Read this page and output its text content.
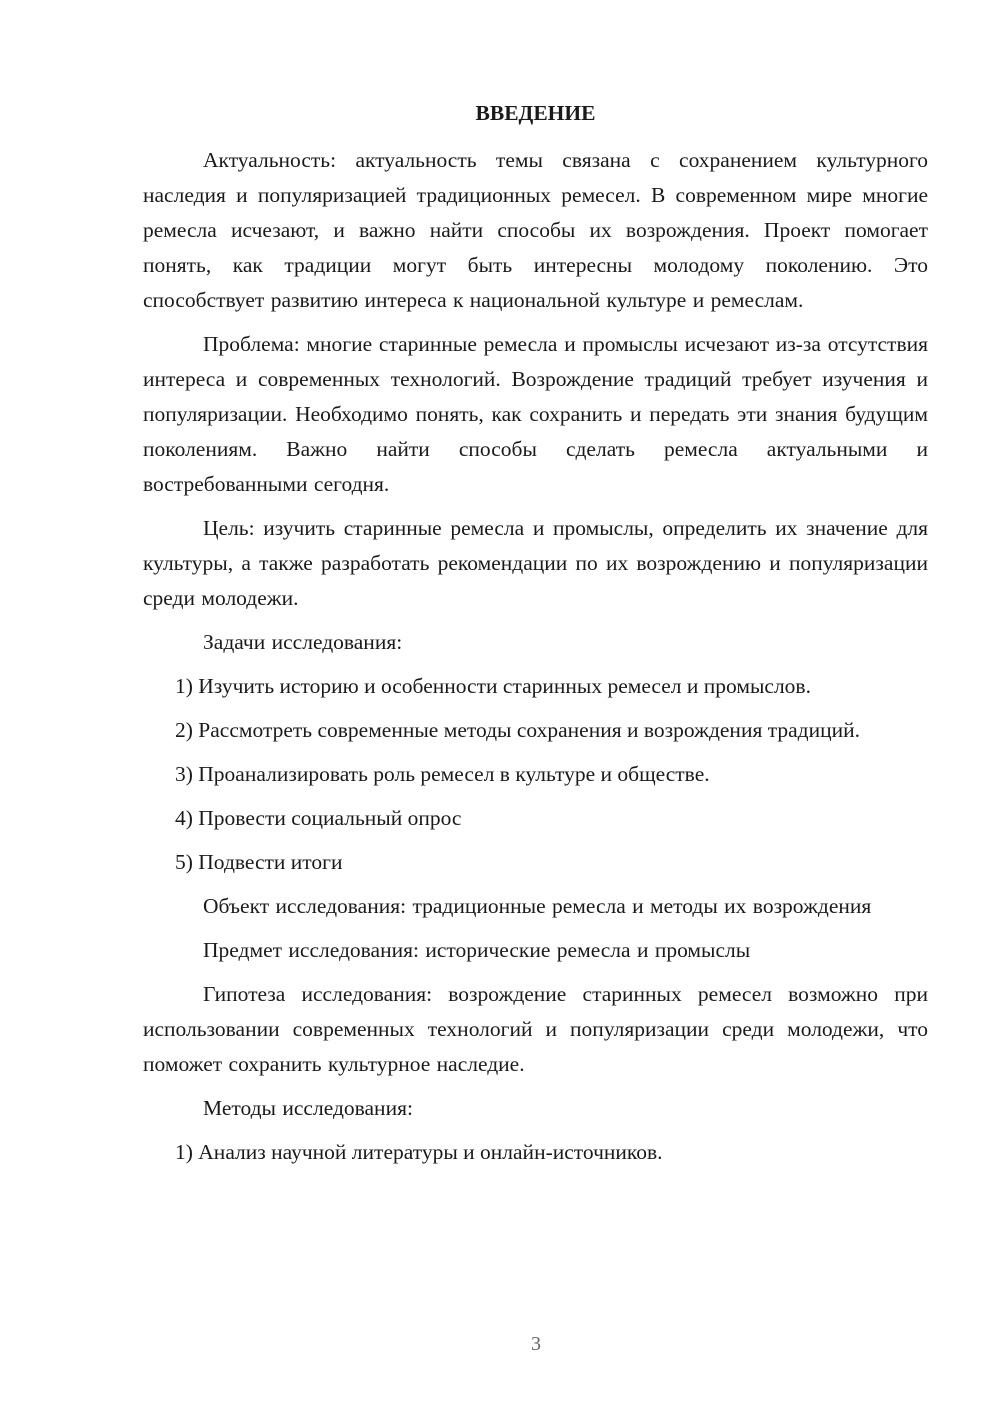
ВВЕДЕНИЕ

Актуальность: актуальность темы связана с сохранением культурного наследия и популяризацией традиционных ремесел. В современном мире многие ремесла исчезают, и важно найти способы их возрождения. Проект помогает понять, как традиции могут быть интересны молодому поколению. Это способствует развитию интереса к национальной культуре и ремеслам.

Проблема: многие старинные ремесла и промыслы исчезают из-за отсутствия интереса и современных технологий. Возрождение традиций требует изучения и популяризации. Необходимо понять, как сохранить и передать эти знания будущим поколениям. Важно найти способы сделать ремесла актуальными и востребованными сегодня.

Цель: изучить старинные ремесла и промыслы, определить их значение для культуры, а также разработать рекомендации по их возрождению и популяризации среди молодежи.

Задачи исследования:

1) Изучить историю и особенности старинных ремесел и промыслов.

2) Рассмотреть современные методы сохранения и возрождения традиций.

3) Проанализировать роль ремесел в культуре и обществе.

4) Провести социальный опрос

5) Подвести итоги

Объект исследования: традиционные ремесла и методы их возрождения

Предмет исследования: исторические ремесла и промыслы

Гипотеза исследования: возрождение старинных ремесел возможно при использовании современных технологий и популяризации среди молодежи, что поможет сохранить культурное наследие.

Методы исследования:

1) Анализ научной литературы и онлайн-источников.

3
